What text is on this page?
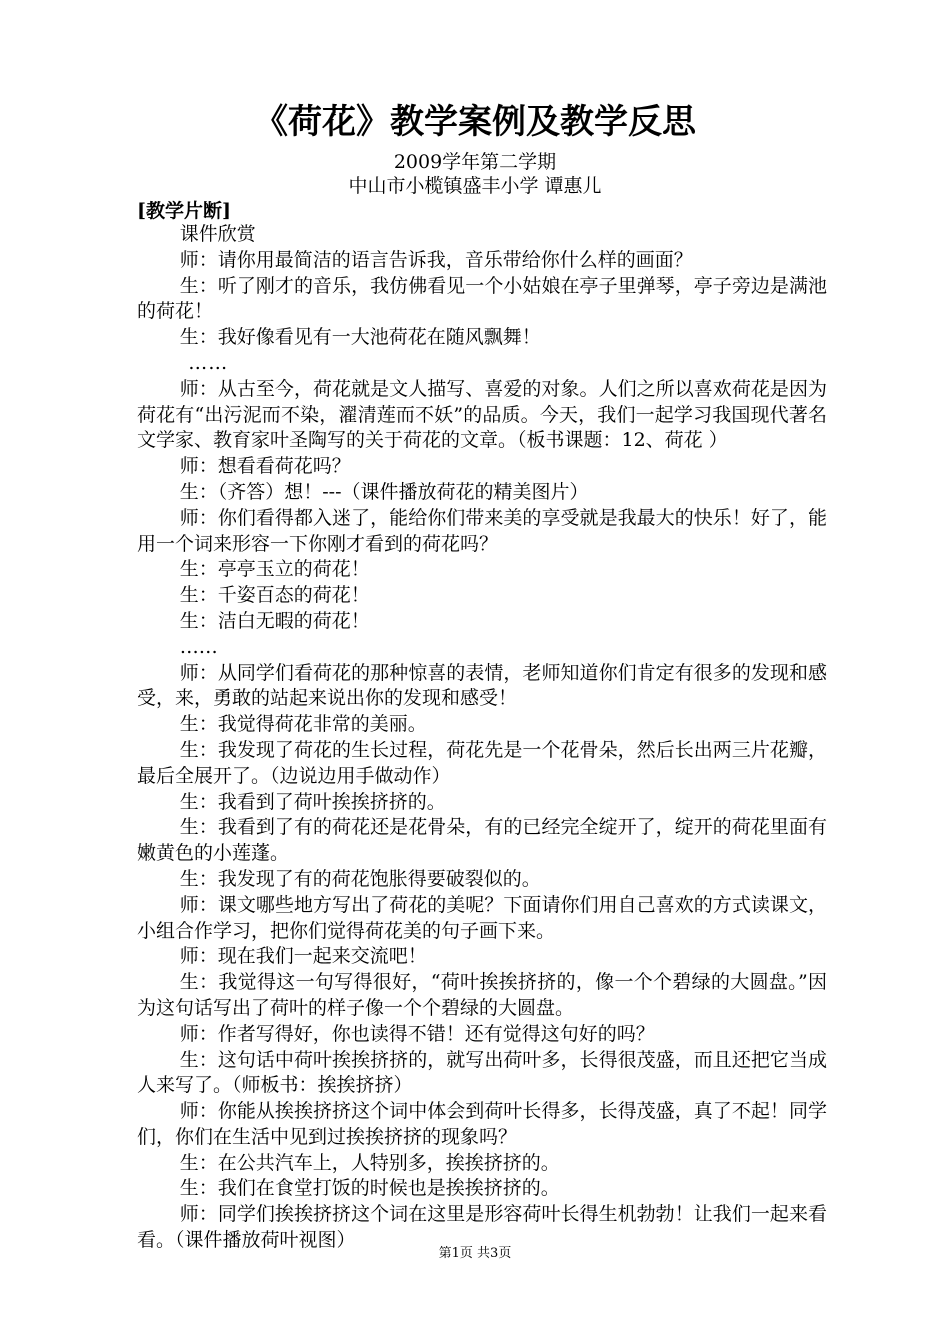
《荷花》教学案例及教学反思
2009学年第二学期
中山市小榄镇盛丰小学 谭惠儿
[教学片断]

课件欣赏

师：请你用最简洁的语言告诉我，音乐带给你什么样的画面？

生：听了刚才的音乐，我仿佛看见一个小姑娘在亭子里弹琴，亭子旁边是满池的荷花！

生：我好像看见有一大池荷花在随风飘舞！

……

师：从古至今，荷花就是文人描写、喜爱的对象。人们之所以喜欢荷花是因为荷花有“出污泥而不染，濯清莲而不妖”的品质。今天，我们一起学习我国现代著名文学家、教育家叶圣陶写的关于荷花的文章。（板书课题：12、荷花 ）

师：想看看荷花吗？

生：（齐答）想！---（课件播放荷花的精美图片）

师：你们看得都入迷了，能给你们带来美的享受就是我最大的快乐！好了，能用一个词来形容一下你刚才看到的荷花吗？

生：亭亭玉立的荷花！

生：千姿百态的荷花！

生：洁白无暇的荷花！

……

师：从同学们看荷花的那种惊喜的表情，老师知道你们肯定有很多的发现和感受，来，勇敢的站起来说出你的发现和感受！

生：我觉得荷花非常的美丽。

生：我发现了荷花的生长过程，荷花先是一个花骨朵，然后长出两三片花瓣，最后全展开了。（边说边用手做动作）

生：我看到了荷叶挨挨挤挤的。

生：我看到了有的荷花还是花骨朵，有的已经完全绽开了，绽开的荷花里面有嫩黄色的小莲蓬。

生：我发现了有的荷花饱胀得要破裂似的。

师：课文哪些地方写出了荷花的美呢？下面请你们用自己喜欢的方式读课文，小组合作学习，把你们觉得荷花美的句子画下来。

师：现在我们一起来交流吧！

生：我觉得这一句写得很好，“荷叶挨挨挤挤的，像一个个碧绿的大圆盘。”因为这句话写出了荷叶的样子像一个个碧绿的大圆盘。

师：作者写得好，你也读得不错！还有觉得这句好的吗？

生：这句话中荷叶挨挨挤挤的，就写出荷叶多，长得很茂盛，而且还把它当成人来写了。（师板书：挨挨挤挤）

师：你能从挨挨挤挤这个词中体会到荷叶长得多，长得茂盛，真了不起！同学们，你们在生活中见到过挨挨挤挤的现象吗？

生：在公共汽车上，人特别多，挨挨挤挤的。

生：我们在食堂打饭的时候也是挨挨挤挤的。

师：同学们挨挨挤挤这个词在这里是形容荷叶长得生机勃勃！让我们一起来看看。（课件播放荷叶视图）

第1页 共3页
